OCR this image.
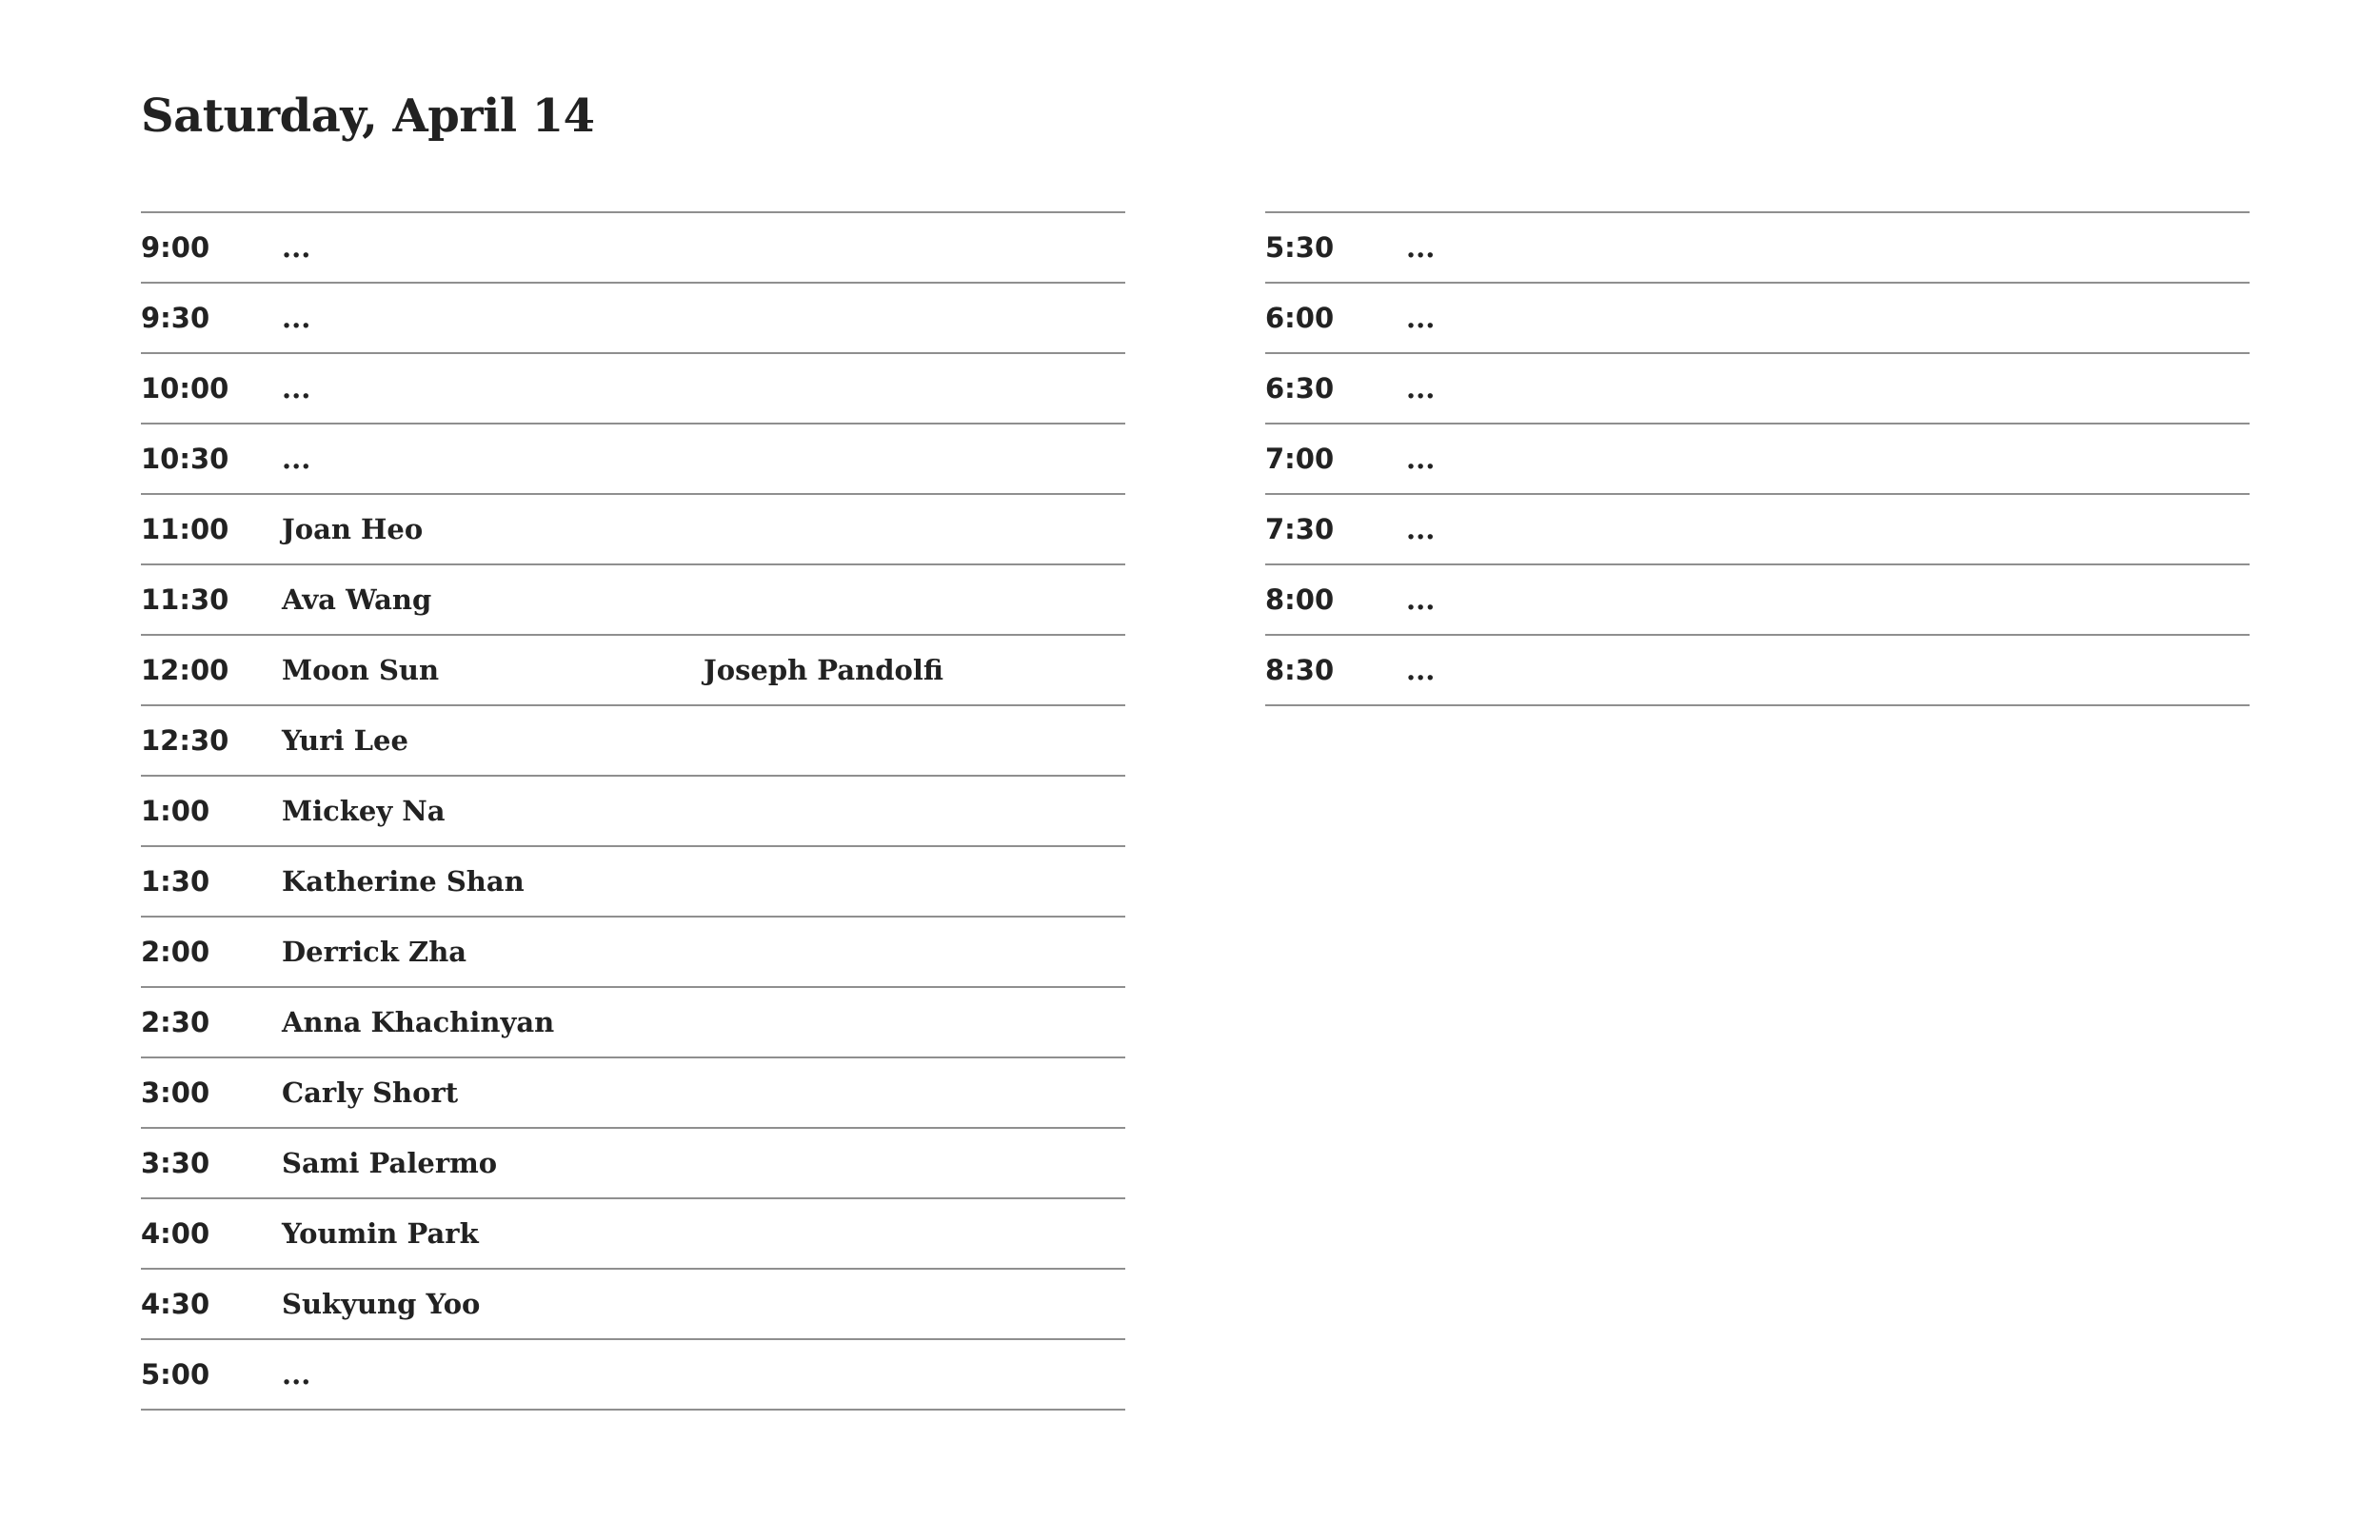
Saturday, April 14
9:00	...
9:30	...
10:00	...
10:30	...
11:00	Joan Heo
11:30	Ava Wang
12:00	Moon Sun	Joseph Pandolfi
12:30	Yuri Lee
1:00	Mickey Na
1:30	Katherine Shan
2:00	Derrick Zha
2:30	Anna Khachinyan
3:00	Carly Short
3:30	Sami Palermo
4:00	Youmin Park
4:30	Sukyung Yoo
5:00	...
5:30	...
6:00	...
6:30	...
7:00	...
7:30	...
8:00	...
8:30	...
